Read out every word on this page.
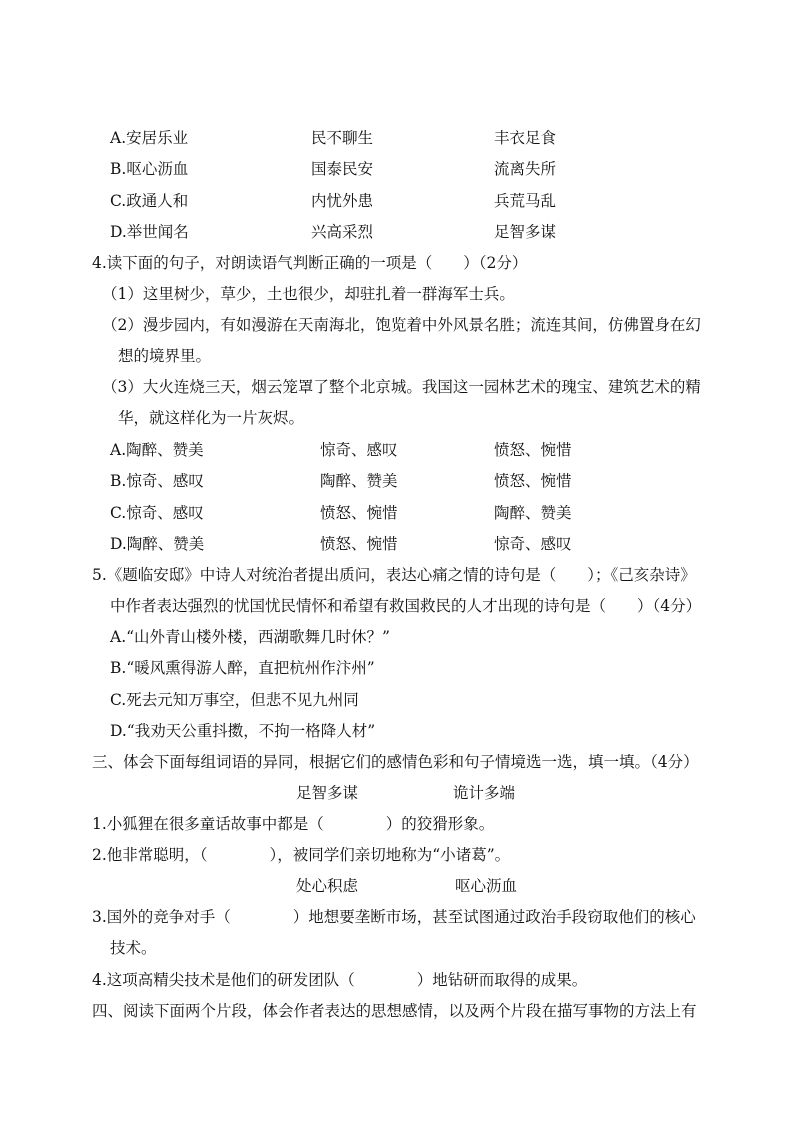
A.安居乐业	民不聊生	丰衣足食
B.呕心沥血	国泰民安	流离失所
C.政通人和	内忧外患	兵荒马乱
D.举世闻名	兴高采烈	足智多谋
4.读下面的句子，对朗读语气判断正确的一项是（　　）（2分）
（1）这里树少，草少，土也很少，却驻扎着一群海军士兵。
（2）漫步园内，有如漫游在天南海北，饱览着中外风景名胜；流连其间，仿佛置身在幻
想的境界里。
（3）大火连烧三天，烟云笼罩了整个北京城。我国这一园林艺术的瑰宝、建筑艺术的精
华，就这样化为一片灰烬。
A.陶醉、赞美	惊奇、感叹	愤怒、惋惜
B.惊奇、感叹	陶醉、赞美	愤怒、惋惜
C.惊奇、感叹	愤怒、惋惜	陶醉、赞美
D.陶醉、赞美	愤怒、惋惜	惊奇、感叹
5.《题临安邸》中诗人对统治者提出质问，表达心痛之情的诗句是（　　）；《己亥杂诗》
中作者表达强烈的忧国忧民情怀和希望有救国救民的人才出现的诗句是（　　）（4分）
A.“山外青山楼外楼，西湖歌舞几时休？”
B.“暖风熏得游人醉，直把杭州作汴州”
C.死去元知万事空，但悲不见九州同
D.“我劝天公重抖擞，不拘一格降人材”
三、体会下面每组词语的异同，根据它们的感情色彩和句子情境选一选，填一填。（4分）
足智多谋	诡计多端
1.小狐狸在很多童话故事中都是（　　　　）的狡猾形象。
2.他非常聪明，（　　　　），被同学们亲切地称为“小诸葛”。
处心积虑	呕心沥血
3.国外的竞争对手（　　　　）地想要垄断市场，甚至试图通过政治手段窃取他们的核心
技术。
4.这项高精尖技术是他们的研发团队（　　　　）地钻研而取得的成果。
四、阅读下面两个片段，体会作者表达的思想感情，以及两个片段在描写事物的方法上有
